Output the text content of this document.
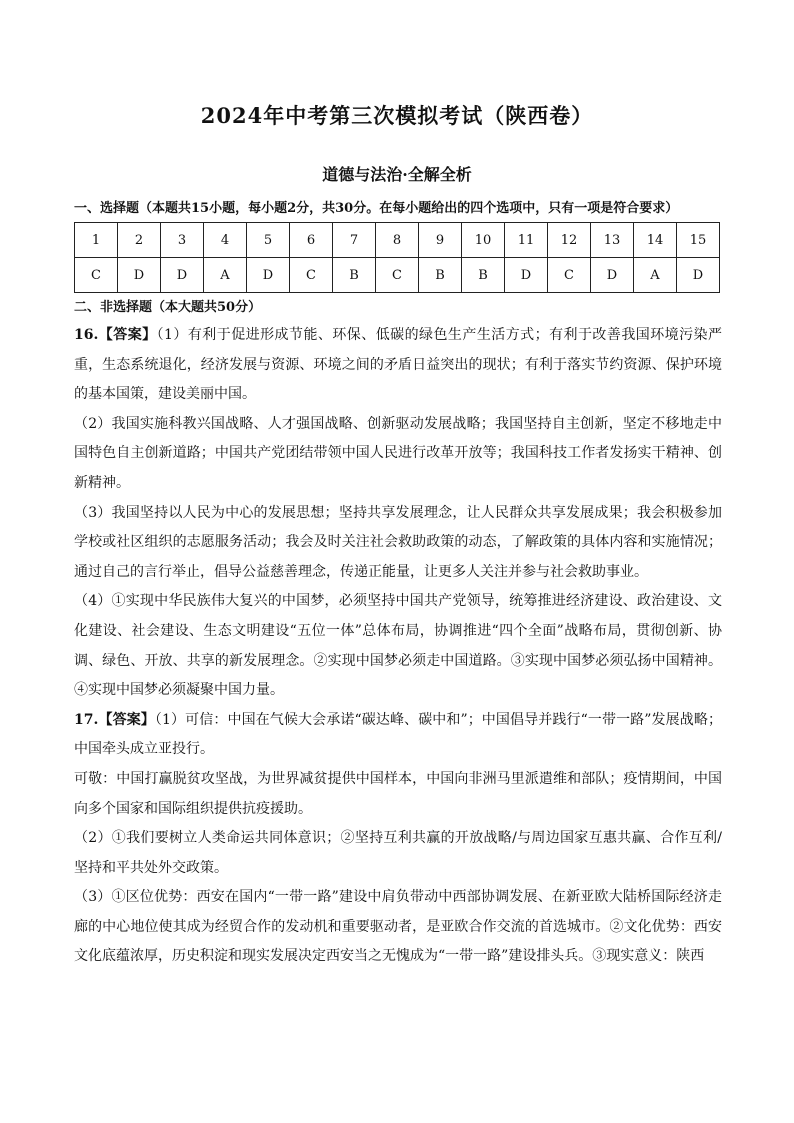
2024年中考第三次模拟考试（陕西卷）
道德与法治·全解全析
一、选择题（本题共15小题，每小题2分，共30分。在每小题给出的四个选项中，只有一项是符合要求）
1	2	3	4	5	6	7	8	9	10	11	12	13	14	15
C	D	D	A	D	C	B	C	B	B	D	C	D	A	D
二、非选择题（本大题共50分）

16.【答案】（1）有利于促进形成节能、环保、低碳的绿色生产生活方式；有利于改善我国环境污染严重，生态系统退化，经济发展与资源、环境之间的矛盾日益突出的现状；有利于落实节约资源、保护环境的基本国策，建设美丽中国。

（2）我国实施科教兴国战略、人才强国战略、创新驱动发展战略；我国坚持自主创新，坚定不移地走中国特色自主创新道路；中国共产党团结带领中国人民进行改革开放等；我国科技工作者发扬实干精神、创新精神。

（3）我国坚持以人民为中心的发展思想；坚持共享发展理念，让人民群众共享发展成果；我会积极参加学校或社区组织的志愿服务活动；我会及时关注社会救助政策的动态，了解政策的具体内容和实施情况；通过自己的言行举止，倡导公益慈善理念，传递正能量，让更多人关注并参与社会救助事业。

（4）①实现中华民族伟大复兴的中国梦，必须坚持中国共产党领导，统筹推进经济建设、政治建设、文化建设、社会建设、生态文明建设“五位一体”总体布局，协调推进“四个全面”战略布局，贯彻创新、协调、绿色、开放、共享的新发展理念。②实现中国梦必须走中国道路。③实现中国梦必须弘扬中国精神。④实现中国梦必须凝聚中国力量。

17.【答案】（1）可信：中国在气候大会承诺“碳达峰、碳中和”；中国倡导并践行“一带一路”发展战略；中国牵头成立亚投行。

可敬：中国打赢脱贫攻坚战，为世界减贫提供中国样本，中国向非洲马里派遣维和部队；疫情期间，中国向多个国家和国际组织提供抗疫援助。

（2）①我们要树立人类命运共同体意识；②坚持互利共赢的开放战略/与周边国家互惠共赢、合作互利/坚持和平共处外交政策。

（3）①区位优势：西安在国内“一带一路”建设中肩负带动中西部协调发展、在新亚欧大陆桥国际经济走廊的中心地位使其成为经贸合作的发动机和重要驱动者，是亚欧合作交流的首选城市。②文化优势：西安文化底蕴浓厚，历史积淀和现实发展决定西安当之无愧成为“一带一路”建设排头兵。③现实意义：陕西
